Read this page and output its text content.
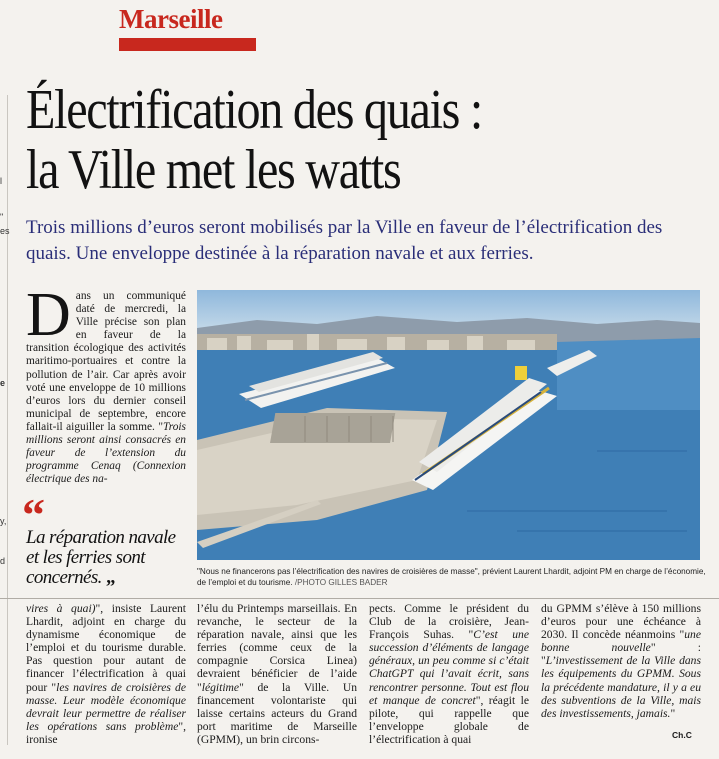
Marseille
l
"
es
e
y,
d
Électrification des quais :
la Ville met les watts
Trois millions d’euros seront mobilisés par la Ville en faveur de l’électrification des quais. Une enveloppe destinée à la réparation navale et aux ferries.
Dans un communiqué daté de mercredi, la Ville précise son plan en faveur de la transition écologique des activités maritimo-portuaires et contre la pollution de l’air. Car après avoir voté une enveloppe de 10 millions d’euros lors du dernier conseil municipal de septembre, encore fallait-il aiguiller la somme. "Trois millions seront ainsi consacrés en faveur de l’extension du programme Cenaq (Connexion électrique des na-
“
La réparation navale et les ferries sont concernés. „	"Nous ne financerons pas l’électrification des navires de croisières de masse", prévient Laurent Lhardit, adjoint PM en charge de l’économie, de l’emploi et du tourisme. /PHOTO GILLES BADER
vires à quai)", insiste Laurent Lhardit, adjoint en charge du dynamisme économique de l’emploi et du tourisme durable. Pas question pour autant de financer l’électrification à quai pour "les navires de croisières de masse. Leur modèle économique devrait leur permettre de réaliser les opérations sans problème", ironise
l’élu du Printemps marseillais. En revanche, le secteur de la réparation navale, ainsi que les ferries (comme ceux de la compagnie Corsica Linea) devraient bénéficier de l’aide "légitime" de la Ville. Un financement volontariste qui laisse certains acteurs du Grand port maritime de Marseille (GPMM), un brin circons-
pects. Comme le président du Club de la croisière, Jean-François Suhas. "C’est une succession d’éléments de langage généraux, un peu comme si c’était ChatGPT qui l’avait écrit, sans rencontrer personne. Tout est flou et manque de concret", réagit le pilote, qui rappelle que l’enveloppe globale de l’électrification à quai
du GPMM s’élève à 150 millions d’euros pour une échéance à 2030. Il concède néanmoins "une bonne nouvelle" : "L’investissement de la Ville dans les équipements du GPMM. Sous la précédente mandature, il y a eu des subventions de la Ville, mais des investissements, jamais."
Ch.C
